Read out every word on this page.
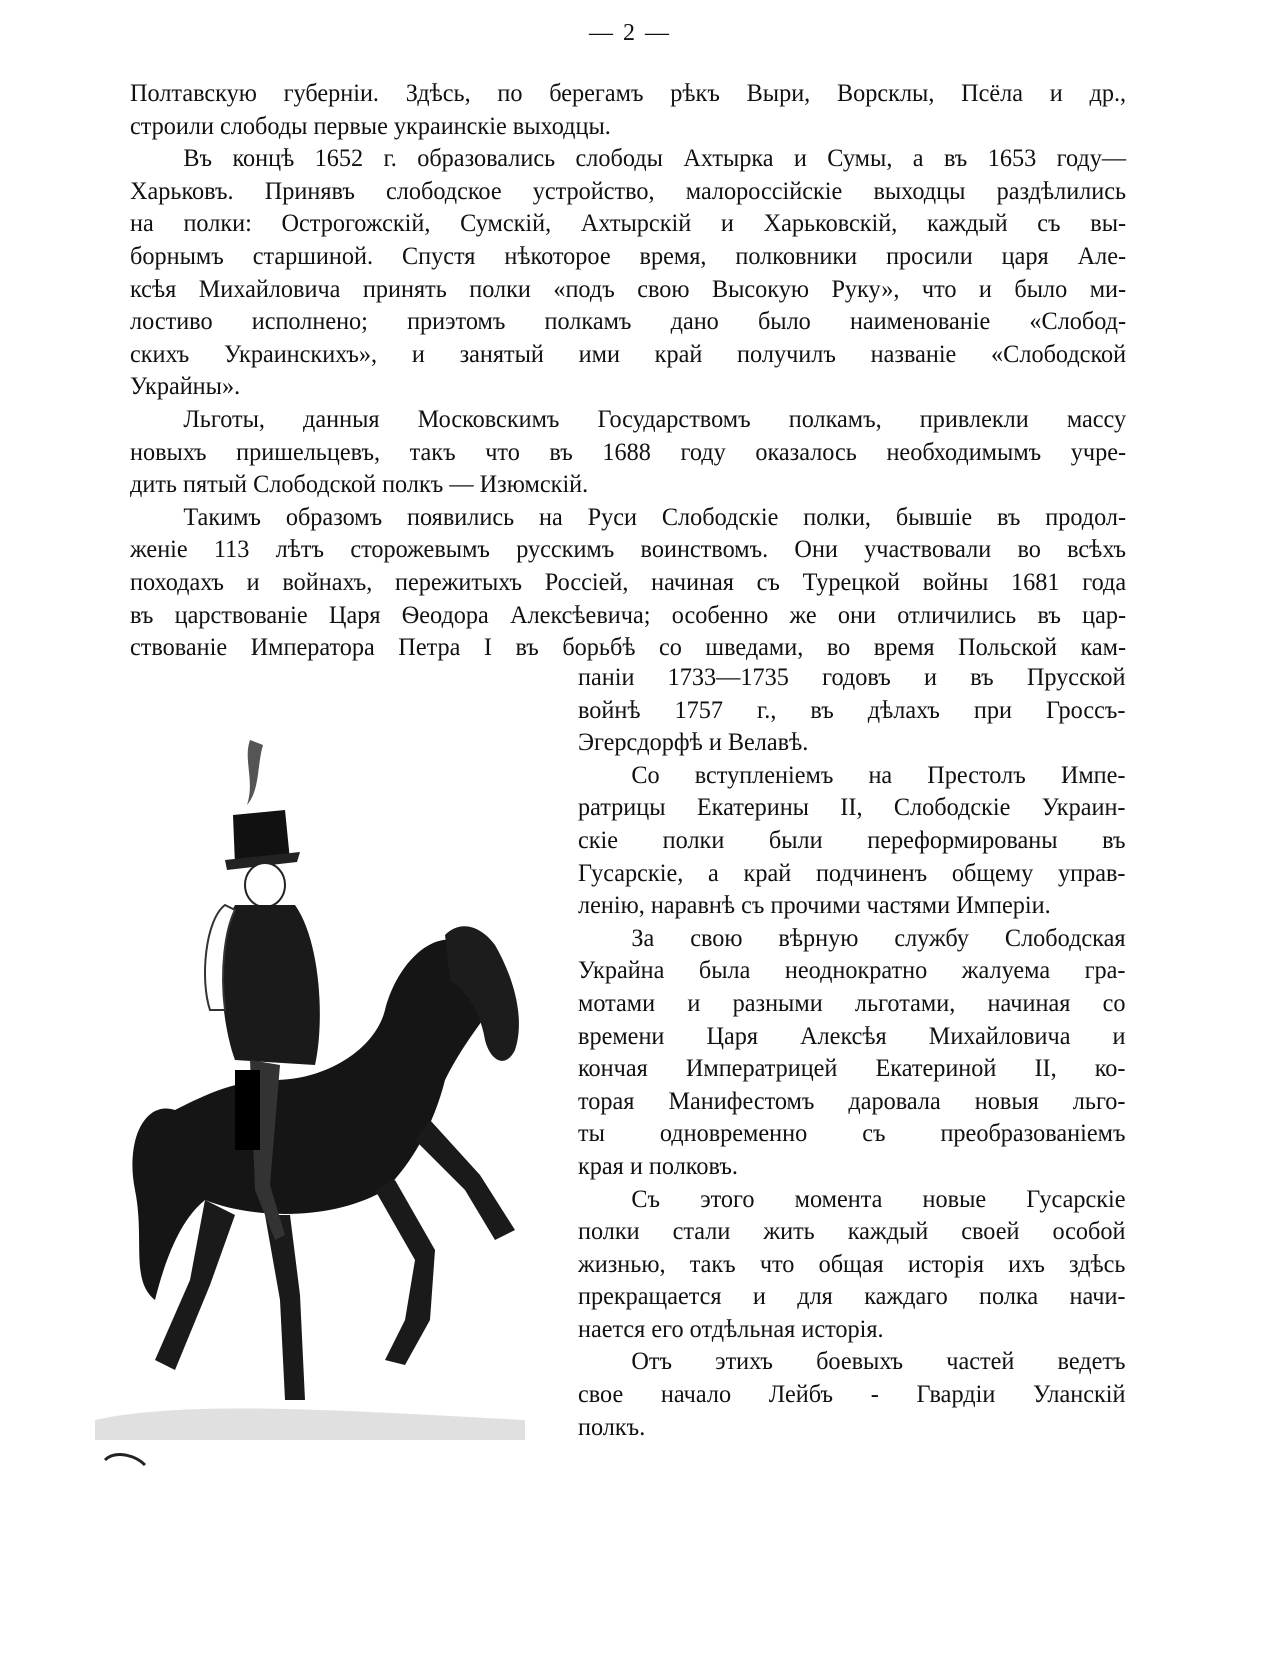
— 2 —
Полтавскую губерніи. Здѣсь, по берегамъ рѣкъ Выри, Ворсклы, Псёла и др.,
строили слободы первые украинскіе выходцы.
Въ концѣ 1652 г. образовались слободы Ахтырка и Сумы, а въ 1653 году—
Харьковъ. Принявъ слободское устройство, малороссійскіе выходцы раздѣлились
на полки: Острогожскій, Сумскій, Ахтырскій и Харьковскій, каждый съ вы-
борнымъ старшиной. Спустя нѣкоторое время, полковники просили царя Але-
ксѣя Михайловича принять полки «подъ свою Высокую Руку», что и было ми-
лостиво исполнено; приэтомъ полкамъ дано было наименованіе «Слобод-
скихъ Украинскихъ», и занятый ими край получилъ названіе «Слободской
Украйны».
Льготы, данныя Московскимъ Государствомъ полкамъ, привлекли массу
новыхъ пришельцевъ, такъ что въ 1688 году оказалось необходимымъ учре-
дить пятый Слободской полкъ — Изюмскій.
Такимъ образомъ появились на Руси Слободскіе полки, бывшіе въ продол-
женіе 113 лѣтъ сторожевымъ русскимъ воинствомъ. Они участвовали во всѣхъ
походахъ и войнахъ, пережитыхъ Россіей, начиная съ Турецкой войны 1681 года
въ царствованіе Царя Ѳеодора Алексѣевича; особенно же они отличились въ цар-
ствованіе Императора Петра I въ борьбѣ со шведами, во время Польской кам-
паніи 1733—1735 годовъ и въ Прусской
войнѣ 1757 г., въ дѣлахъ при Гроссъ-
Эгерсдорфѣ и Велавѣ.
Со вступленіемъ на Престолъ Импе-
ратрицы Екатерины II, Слободскіе Украин-
скіе полки были переформированы въ
Гусарскіе, а край подчиненъ общему управ-
ленію, наравнѣ съ прочими частями Имперіи.
За свою вѣрную службу Слободская
Украйна была неоднократно жалуема гра-
мотами и разными льготами, начиная со
времени Царя Алексѣя Михайловича и
кончая Императрицей Екатериной II, ко-
торая Манифестомъ даровала новыя льго-
ты одновременно съ преобразованіемъ
края и полковъ.
Съ этого момента новые Гусарскіе
полки стали жить каждый своей особой
жизнью, такъ что общая исторія ихъ здѣсь
прекращается и для каждаго полка начи-
нается его отдѣльная исторія.
Отъ этихъ боевыхъ частей ведетъ
свое начало Лейбъ - Гвардіи Уланскій
полкъ.
